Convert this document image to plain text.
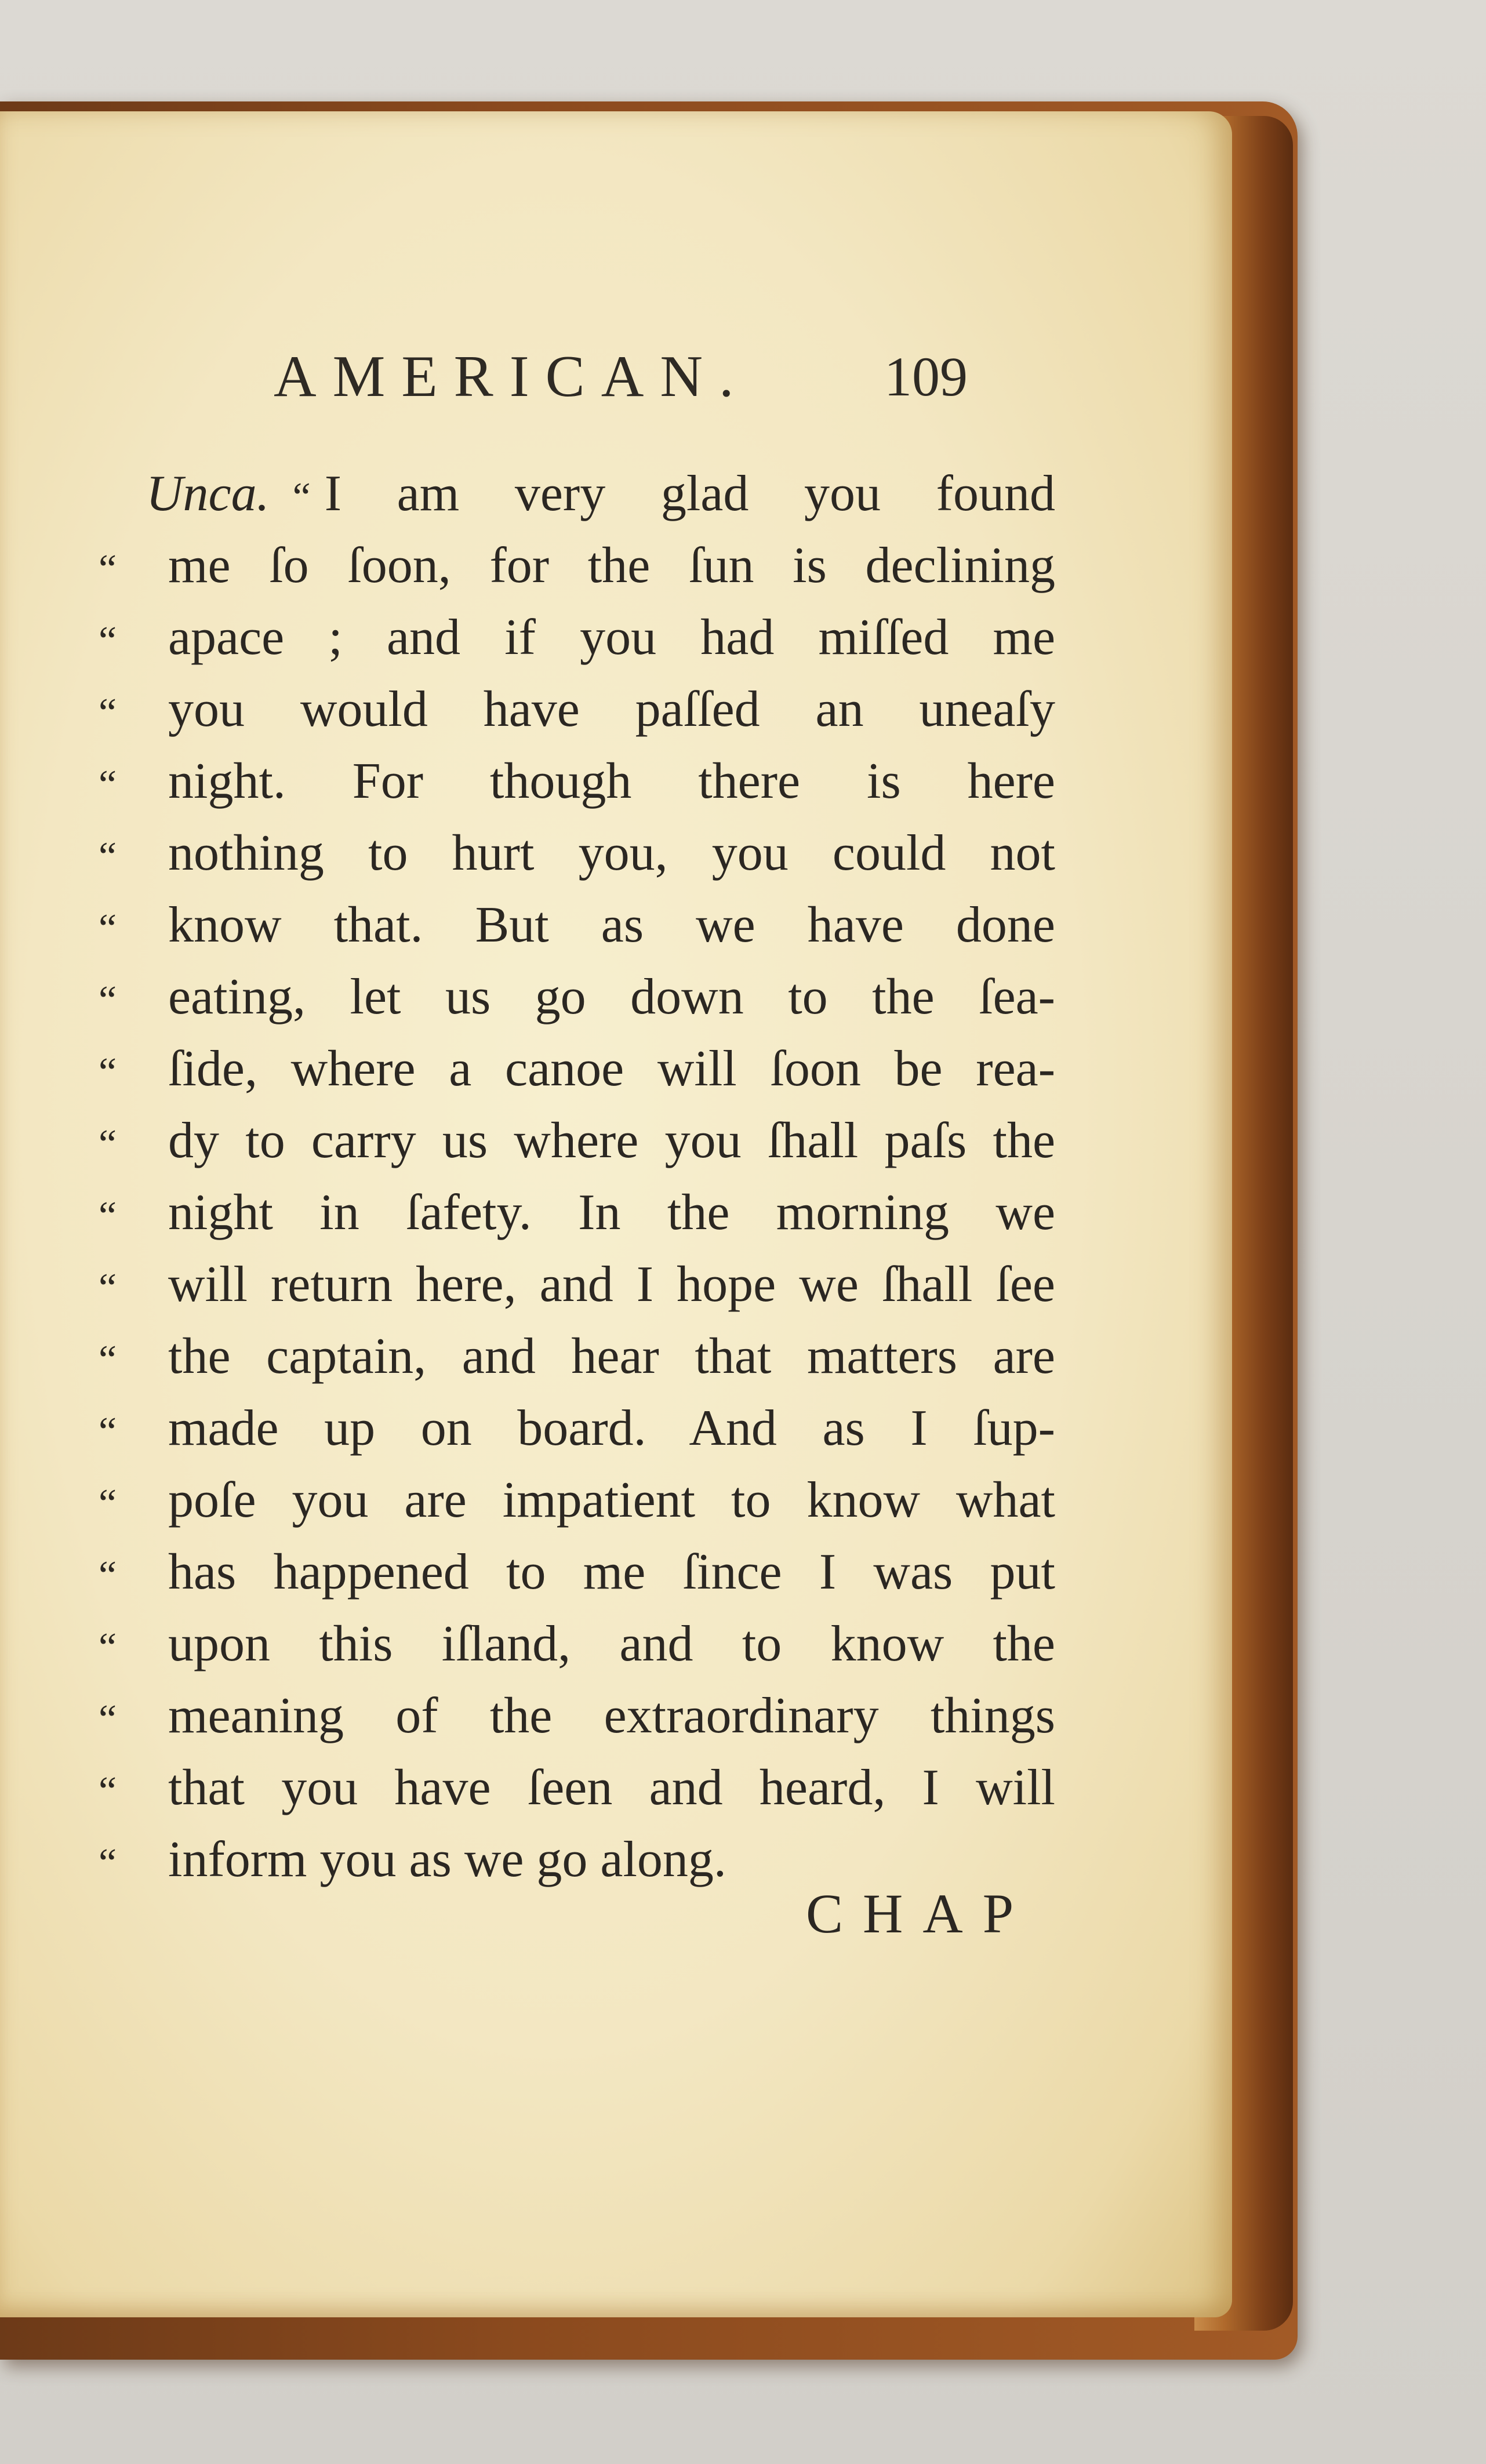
AMERICAN. 109
Unca. “ I am very glad you found
“	me ſo ſoon, for the ſun is declining
“	apace ; and if you had miſſed me
“	you would have paſſed an uneaſy
“	night. For though there is here
“	nothing to hurt you, you could not
“	know that. But as we have done
“	eating, let us go down to the ſea-
“	ſide, where a canoe will ſoon be rea-
“	dy to carry us where you ſhall paſs the
“	night in ſafety. In the morning we
“	will return here, and I hope we ſhall ſee
“	the captain, and hear that matters are
“	made up on board. And as I ſup-
“	poſe you are impatient to know what
“	has happened to me ſince I was put
“	upon this iſland, and to know the
“	meaning of the extraordinary things
“	that you have ſeen and heard, I will
“	inform you as we go along.
CHAP
